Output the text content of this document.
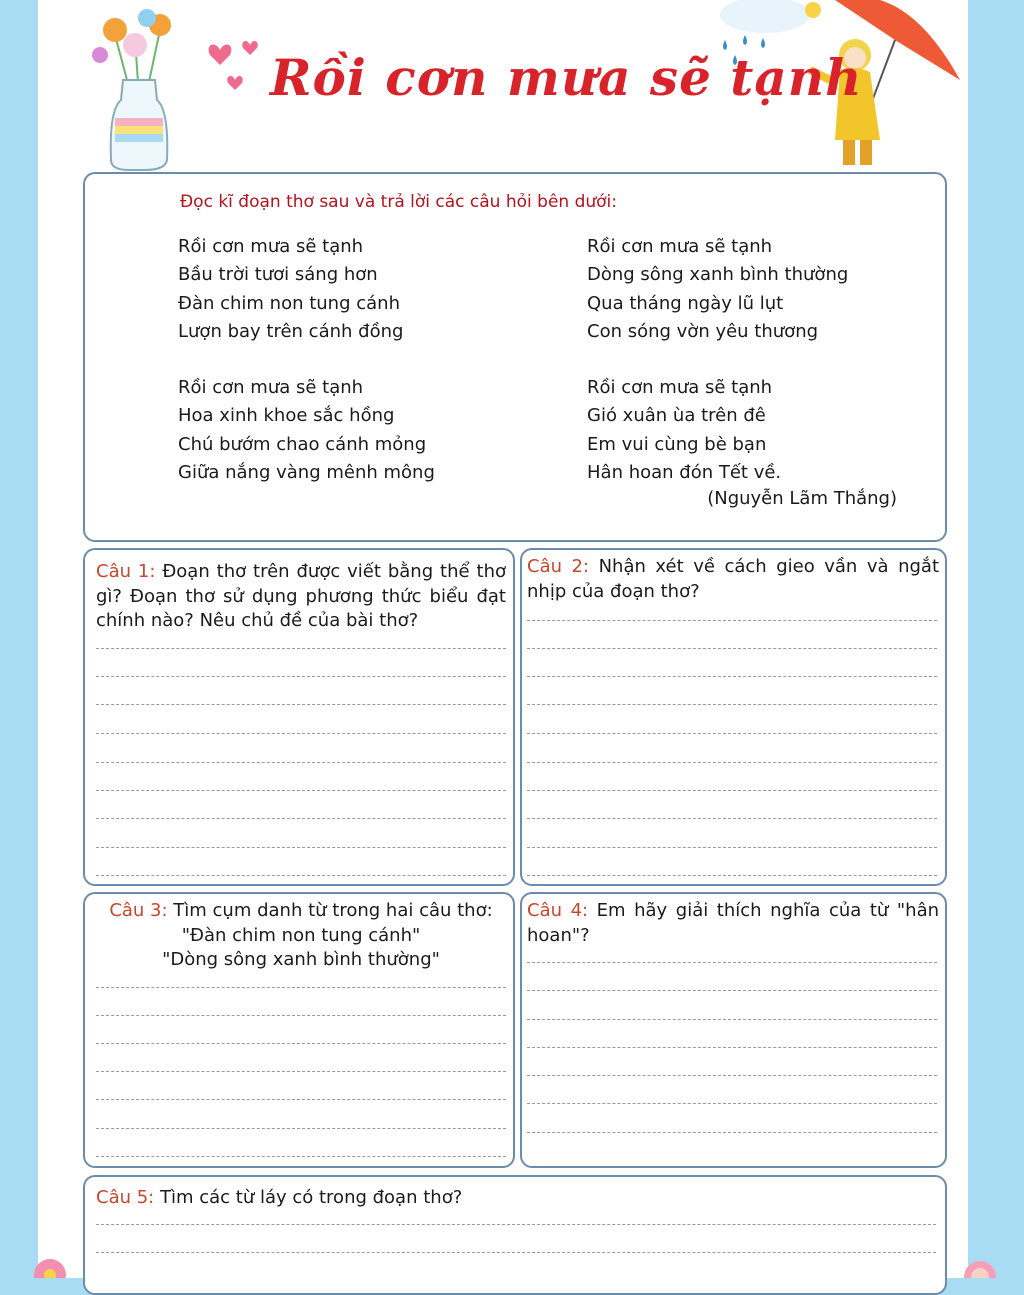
Rồi cơn mưa sẽ tạnh
Đọc kĩ đoạn thơ sau và trả lời các câu hỏi bên dưới:
Rồi cơn mưa sẽ tạnh
Bầu trời tươi sáng hơn
Đàn chim non tung cánh
Lượn bay trên cánh đồng
Rồi cơn mưa sẽ tạnh
Hoa xinh khoe sắc hồng
Chú bướm chao cánh mỏng
Giữa nắng vàng mênh mông
Rồi cơn mưa sẽ tạnh
Dòng sông xanh bình thường
Qua tháng ngày lũ lụt
Con sóng vờn yêu thương
Rồi cơn mưa sẽ tạnh
Gió xuân ùa trên đê
Em vui cùng bè bạn
Hân hoan đón Tết về.
(Nguyễn Lãm Thắng)
Câu 1: Đoạn thơ trên được viết bằng thể thơ gì? Đoạn thơ sử dụng phương thức biểu đạt chính nào? Nêu chủ đề của bài thơ?
Câu 2: Nhận xét về cách gieo vần và ngắt nhịp của đoạn thơ?
Câu 3: Tìm cụm danh từ trong hai câu thơ:
"Đàn chim non tung cánh"
"Dòng sông xanh bình thường"
Câu 4: Em hãy giải thích nghĩa của từ "hân hoan"?
Câu 5: Tìm các từ láy có trong đoạn thơ?
